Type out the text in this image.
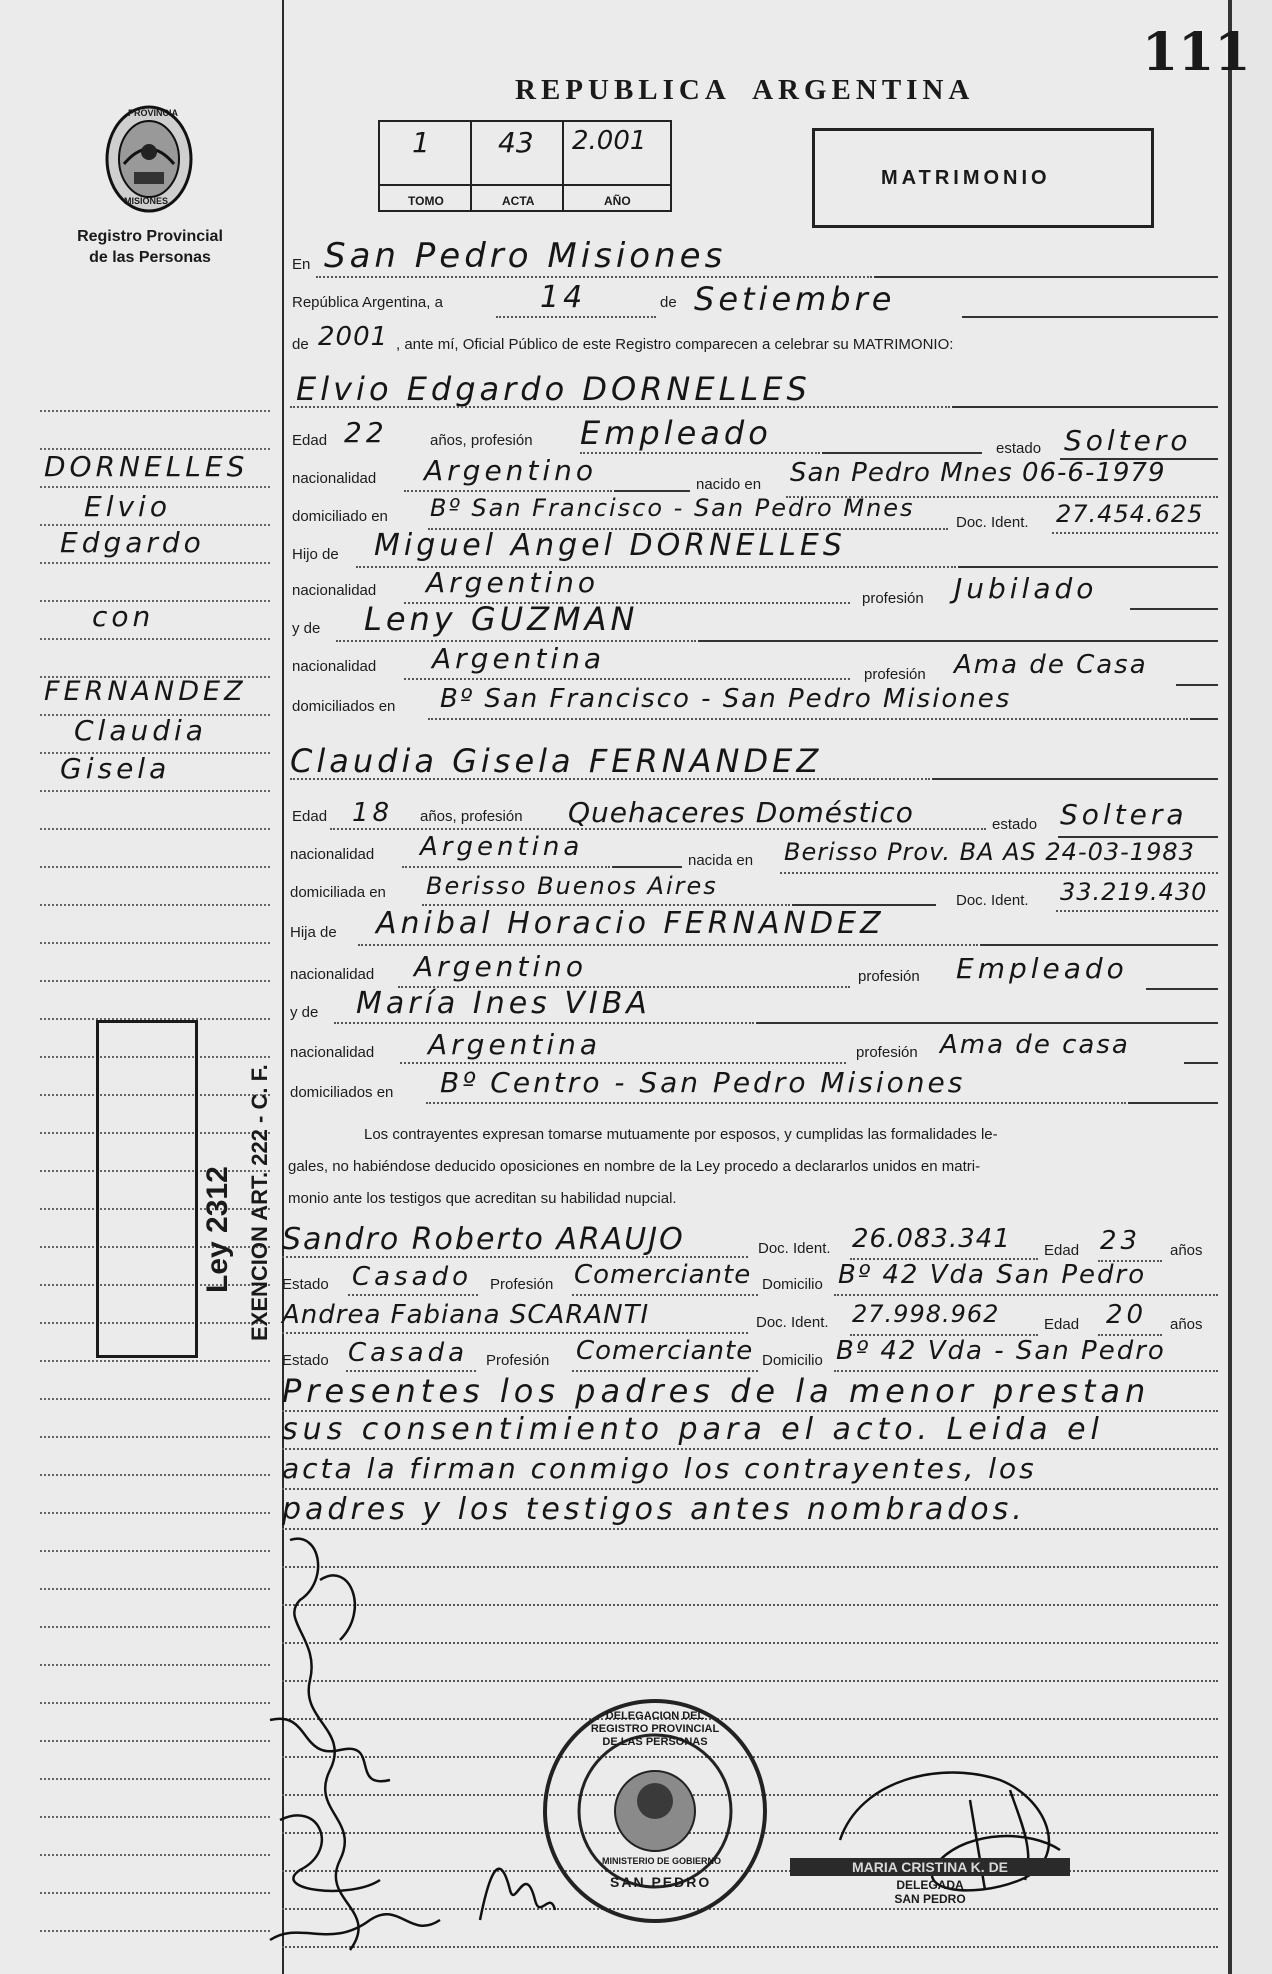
111
REPUBLICA  ARGENTINA
PROVINCIA
MISIONES
Registro Provincial
de las Personas
1
TOMO
43
ACTA
2.001
AÑO
MATRIMONIO
DORNELLES
Elvio
Edgardo
con
FERNANDEZ
Claudia
Gisela
Ley 2312 EXENCION ART. 222 - C. F.
En San Pedro Misiones
República Argentina, a	14	de Setiembre
de 2001 , ante mí, Oficial Público de este Registro comparecen a celebrar su MATRIMONIO:
Elvio Edgardo DORNELLES
Edad 22	años, profesión Empleado	estado Soltero
nacionalidad Argentino	nacido en San Pedro Mnes 06-6-1979
domiciliado en Bº San Francisco - San Pedro Mnes
Doc. Ident. 27.454.625
Hijo de Miguel Angel DORNELLES
nacionalidad Argentino	profesión Jubilado
y de Leny GUZMAN
nacionalidad Argentina	profesión Ama de Casa
domiciliados en Bº San Francisco - San Pedro Misiones
Claudia Gisela FERNANDEZ
Edad 18 años, profesión Quehaceres Doméstico	estado Soltera
nacionalidad Argentina	nacida en Berisso Prov. BA AS 24-03-1983
domiciliada en Berisso Buenos Aires
Doc. Ident. 33.219.430
Hija de Anibal Horacio FERNANDEZ
nacionalidad Argentino	profesión Empleado
y de María Ines VIBA
nacionalidad Argentina	profesión Ama de casa
domiciliados en Bº Centro - San Pedro Misiones
Los contrayentes expresan tomarse mutuamente por esposos, y cumplidas las formalidades le-
gales, no habiéndose deducido oposiciones en nombre de la Ley procedo a declararlos unidos en matri-
monio ante los testigos que acreditan su habilidad nupcial.
Sandro Roberto ARAUJO	Doc. Ident. 26.083.341 Edad 23 años
Estado Casado Profesión Comerciante Domicilio Bº 42 Vda San Pedro
Andrea Fabiana SCARANTI	Doc. Ident. 27.998.962	Edad 20 años
Estado Casada Profesión Comerciante Domicilio Bº 42 Vda - San Pedro
Presentes los padres de la menor prestan
sus consentimiento para el acto. Leida el
acta la firman conmigo los contrayentes, los
padres y los testigos antes nombrados.
DELEGACION DEL REGISTRO PROVINCIAL DE LAS PERSONAS
SAN PEDRO
MINISTERIO DE GOBIERNO	MARIA CRISTINA K. DE
DELEGADA
SAN PEDRO
